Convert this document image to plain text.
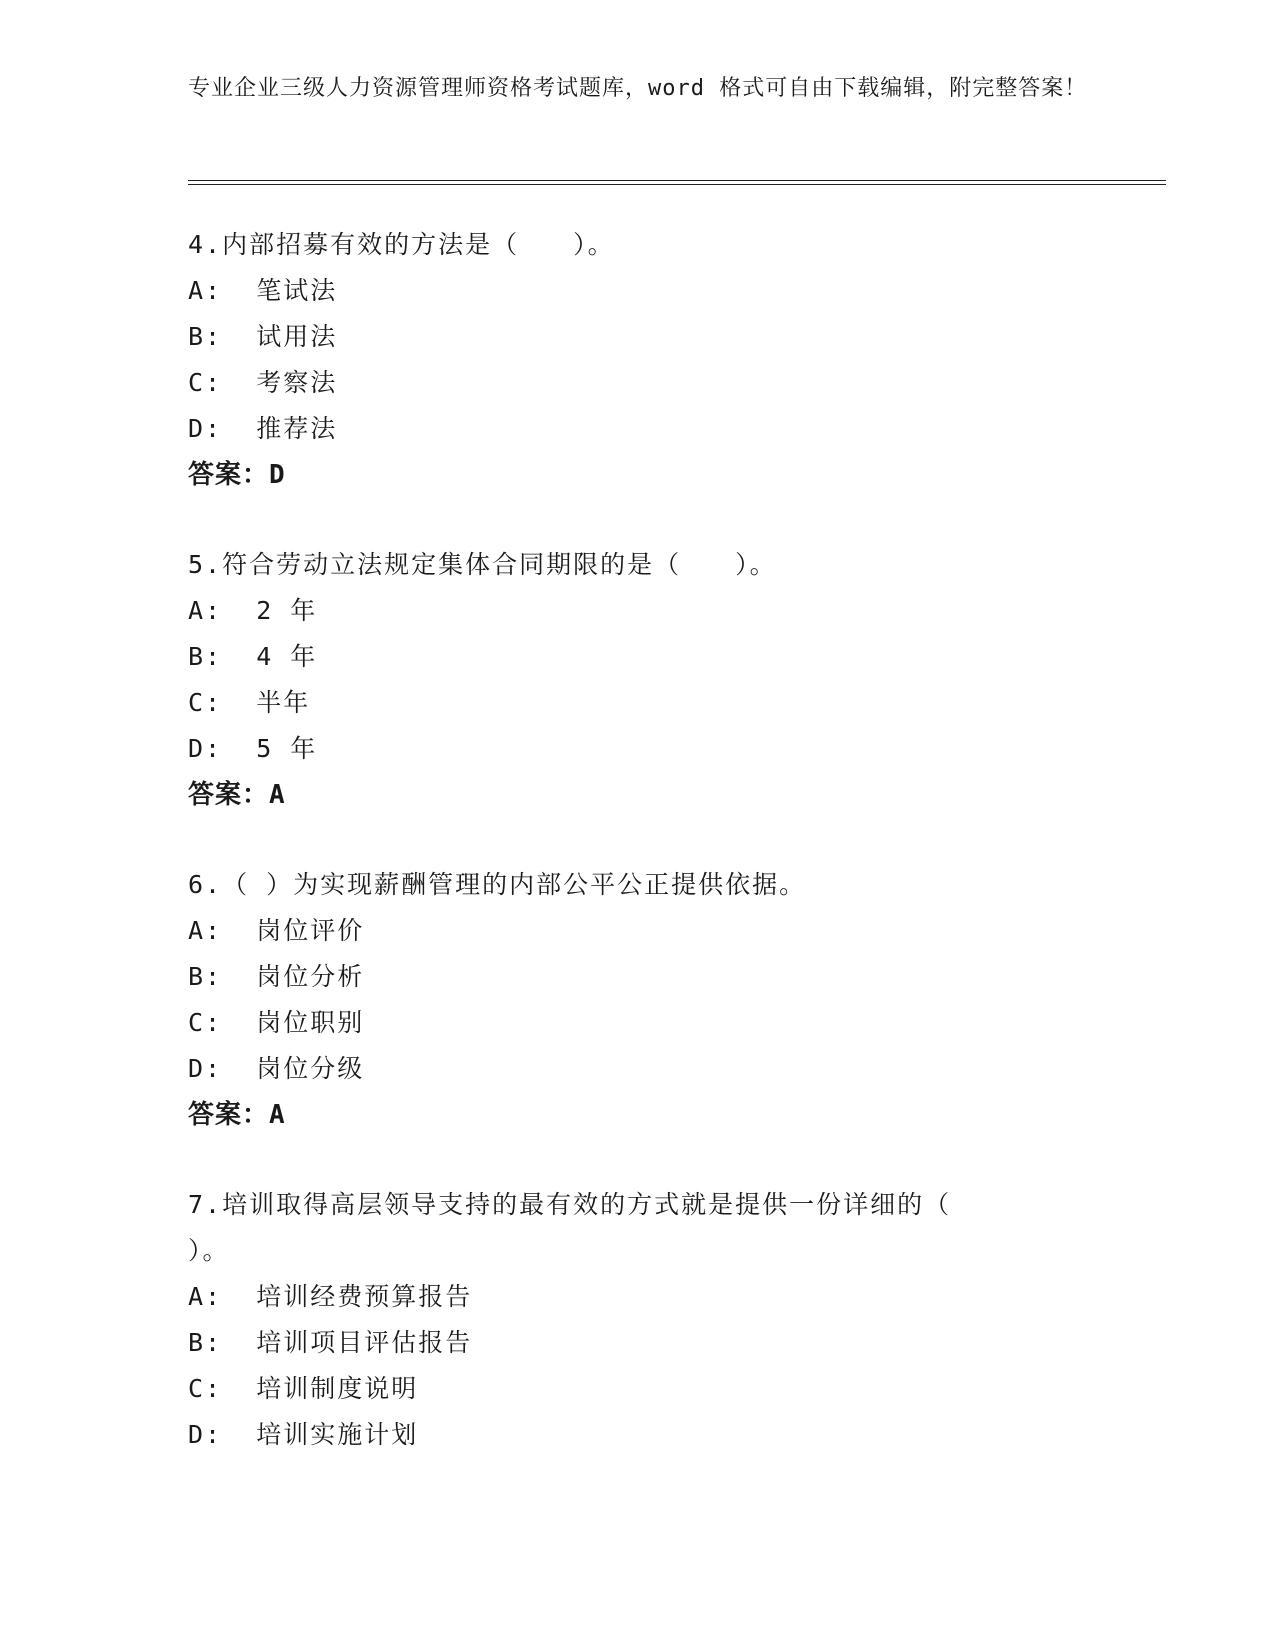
专业企业三级人力资源管理师资格考试题库，word 格式可自由下载编辑，附完整答案！
4.内部招募有效的方法是（　　）。
A:  笔试法
B:  试用法
C:  考察法
D:  推荐法
答案：D
5.符合劳动立法规定集体合同期限的是（　　）。
A:  2 年
B:  4 年
C:  半年
D:  5 年
答案：A
6.（ ）为实现薪酬管理的内部公平公正提供依据。
A:  岗位评价
B:  岗位分析
C:  岗位职别
D:  岗位分级
答案：A
7.培训取得高层领导支持的最有效的方式就是提供一份详细的（
）。
A:  培训经费预算报告
B:  培训项目评估报告
C:  培训制度说明
D:  培训实施计划
